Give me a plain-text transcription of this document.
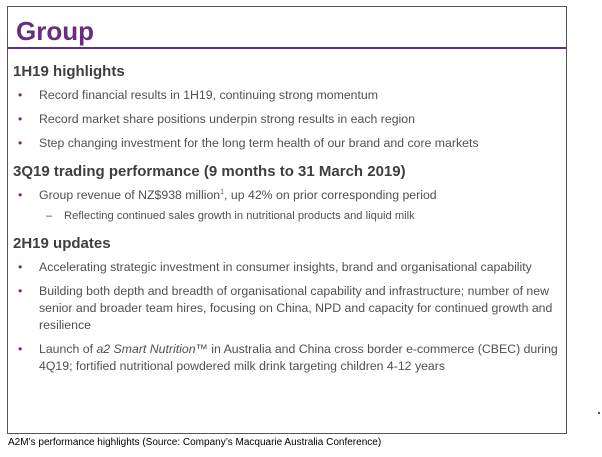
Group
1H19 highlights
• Record financial results in 1H19, continuing strong momentum
• Record market share positions underpin strong results in each region
• Step changing investment for the long term health of our brand and core markets
3Q19 trading performance (9 months to 31 March 2019)
• Group revenue of NZ$938 million$^1$, up 42% on prior corresponding period
– Reflecting continued sales growth in nutritional products and liquid milk
2H19 updates
• Accelerating strategic investment in consumer insights, brand and organisational capability
• Building both depth and breadth of organisational capability and infrastructure; number of new senior and broader team hires, focusing on China, NPD and capacity for continued growth and resilience
• Launch of a2 Smart Nutrition™ in Australia and China cross border e-commerce (CBEC) during 4Q19; fortified nutritional powdered milk drink targeting children 4-12 years
A2M’s performance highlights (Source: Company’s Macquarie Australia Conference)
